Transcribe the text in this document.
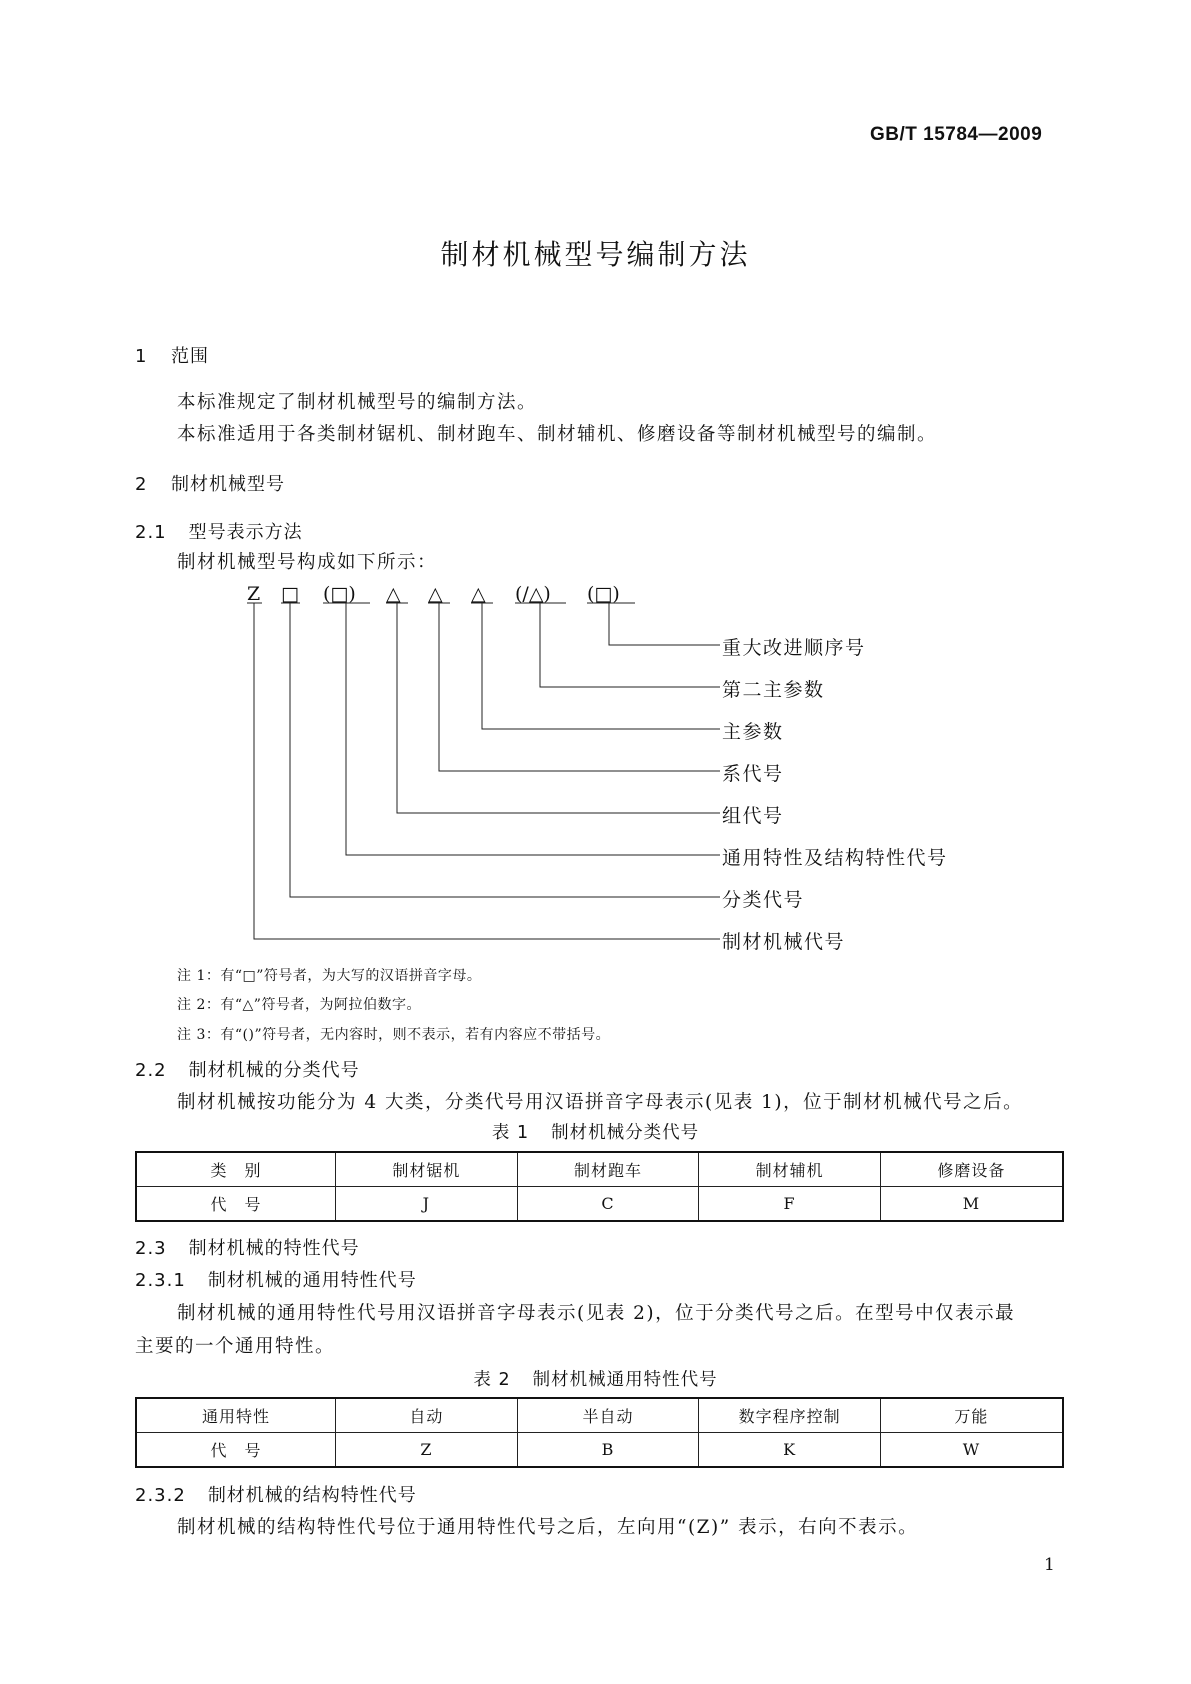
GB/T 15784—2009
制材机械型号编制方法
1 范围
本标准规定了制材机械型号的编制方法。
本标准适用于各类制材锯机、制材跑车、制材辅机、修磨设备等制材机械型号的编制。
2 制材机械型号
2.1 型号表示方法
制材机械型号构成如下所示：
Z □ (□) △ △ △ (/△) (□)
重大改进顺序号
第二主参数
主参数
系代号
组代号
通用特性及结构特性代号
分类代号
制材机械代号
注 1：有“□”符号者，为大写的汉语拼音字母。
注 2：有“△”符号者，为阿拉伯数字。
注 3：有“()”符号者，无内容时，则不表示，若有内容应不带括号。
2.2 制材机械的分类代号
制材机械按功能分为 4 大类，分类代号用汉语拼音字母表示(见表 1)，位于制材机械代号之后。
表 1 制材机械分类代号
类　别	制材锯机	制材跑车	制材辅机	修磨设备
代　号	J	C	F	M
2.3 制材机械的特性代号
2.3.1 制材机械的通用特性代号
制材机械的通用特性代号用汉语拼音字母表示(见表 2)，位于分类代号之后。在型号中仅表示最
主要的一个通用特性。
表 2 制材机械通用特性代号
通用特性	自动	半自动	数字程序控制	万能
代　号	Z	B	K	W
2.3.2 制材机械的结构特性代号
制材机械的结构特性代号位于通用特性代号之后，左向用“(Z)” 表示，右向不表示。
1
